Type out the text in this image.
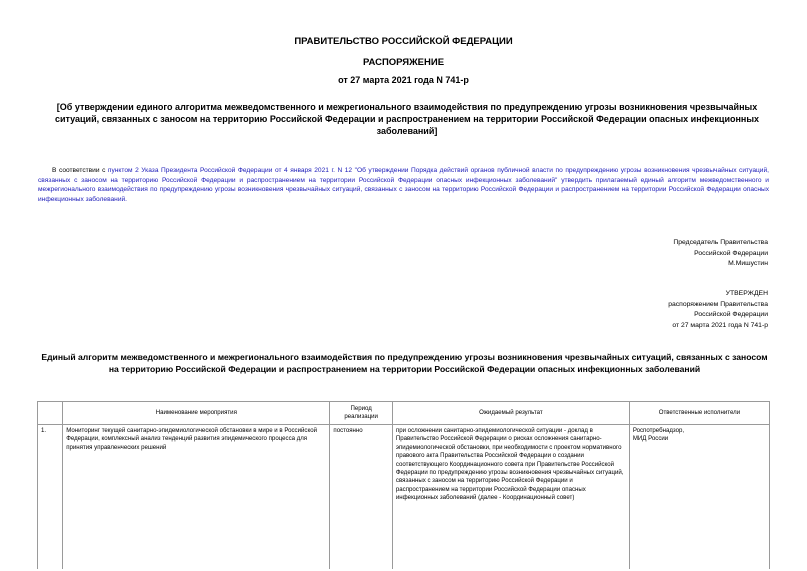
ПРАВИТЕЛЬСТВО РОССИЙСКОЙ ФЕДЕРАЦИИ
РАСПОРЯЖЕНИЕ
от 27 марта 2021 года N 741-р
[Об утверждении единого алгоритма межведомственного и межрегионального взаимодействия по предупреждению угрозы возникновения чрезвычайных ситуаций, связанных с заносом на территорию Российской Федерации и распространением на территории Российской Федерации опасных инфекционных заболеваний]
В соответствии с пунктом 2 Указа Президента Российской Федерации от 4 января 2021 г. N 12 "Об утверждении Порядка действий органов публичной власти по предупреждению угрозы возникновения чрезвычайных ситуаций, связанных с заносом на территорию Российской Федерации и распространением на территории Российской Федерации опасных инфекционных заболеваний" утвердить прилагаемый единый алгоритм межведомственного и межрегионального взаимодействия по предупреждению угрозы возникновения чрезвычайных ситуаций, связанных с заносом на территорию Российской Федерации и распространением на территории Российской Федерации опасных инфекционных заболеваний.
Председатель Правительства
Российской Федерации
М.Мишустин
УТВЕРЖДЕН
распоряжением Правительства
Российской Федерации
от 27 марта 2021 года N 741-р
Единый алгоритм межведомственного и межрегионального взаимодействия по предупреждению угрозы возникновения чрезвычайных ситуаций, связанных с заносом на территорию Российской Федерации и распространением на территории Российской Федерации опасных инфекционных заболеваний
	Наименование мероприятия	Период реализации	Ожидаемый результат	Ответственные исполнители
1.	Мониторинг текущей санитарно-эпидемиологической обстановки в мире и в Российской Федерации, комплексный анализ тенденций развития эпидемического процесса для принятия управленческих решений	постоянно	при осложнении санитарно-эпидемиологической ситуации - доклад в Правительство Российской Федерации о рисках осложнения санитарно-эпидемиологической обстановки, при необходимости с проектом нормативного правового акта Правительства Российской Федерации о создании соответствующего Координационного совета при Правительстве Российской Федерации по предупреждению угрозы возникновения чрезвычайных ситуаций, связанных с заносом на территорию Российской Федерации и распространением на территории Российской Федерации опасных инфекционных заболеваний (далее - Координационный совет)	Роспотребнадзор,
МИД России
